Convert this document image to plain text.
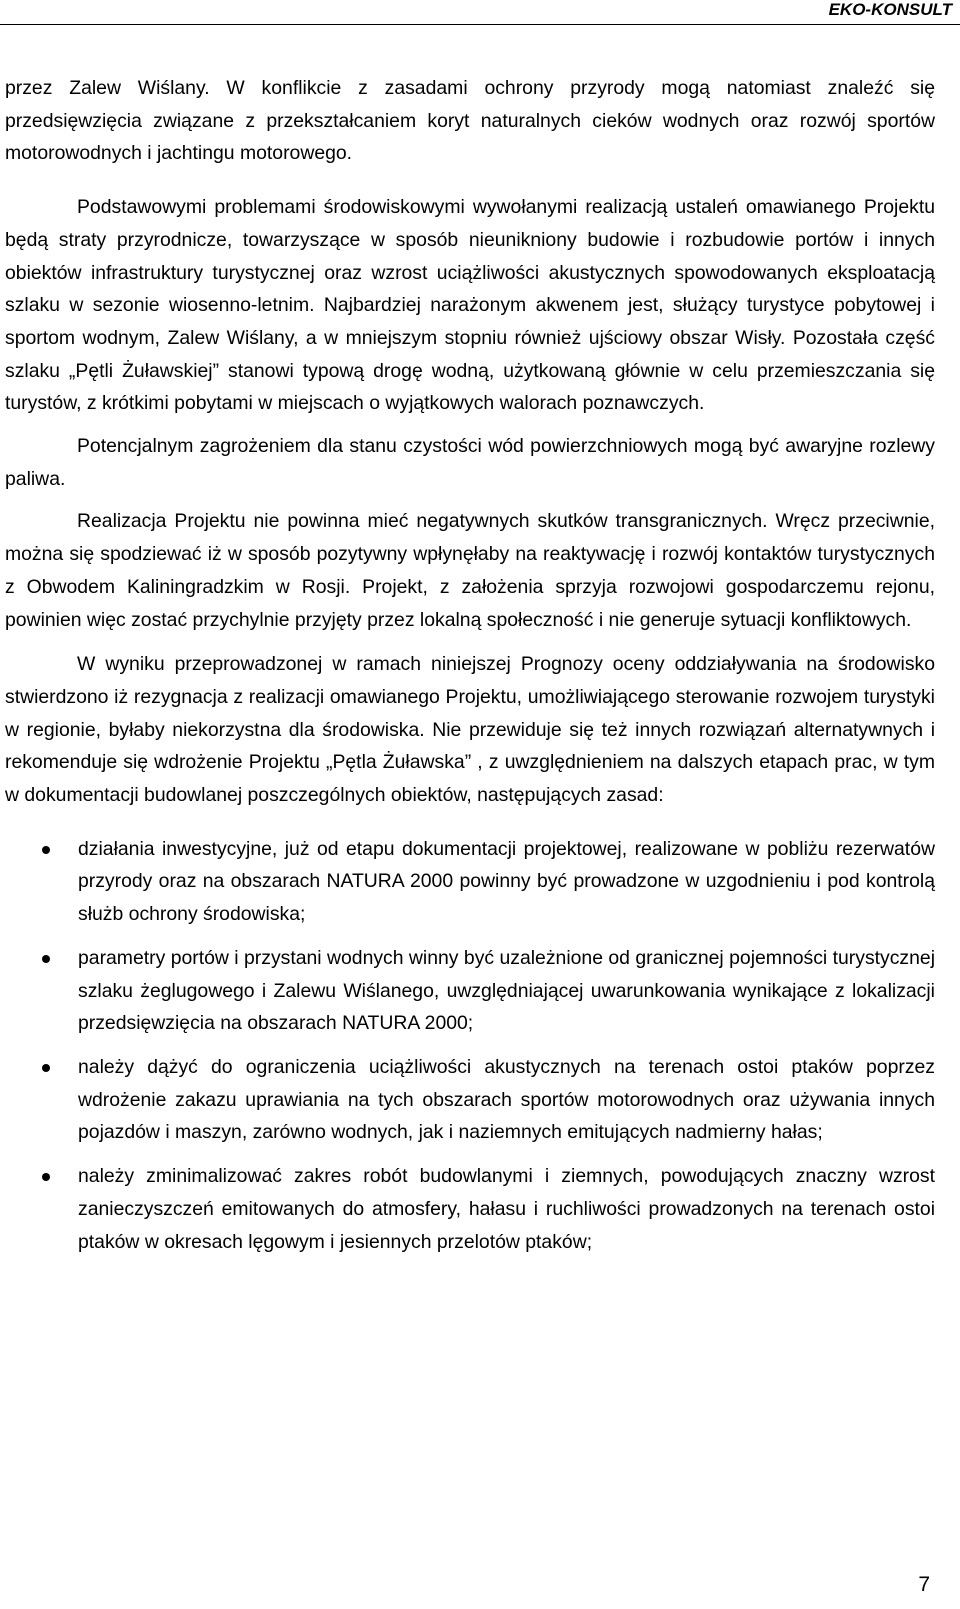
EKO-KONSULT

przez Zalew Wiślany. W konflikcie z zasadami ochrony przyrody mogą natomiast znaleźć się przedsięwzięcia związane z przekształcaniem koryt naturalnych cieków wodnych oraz rozwój sportów motorowodnych i jachtingu motorowego.

Podstawowymi problemami środowiskowymi wywołanymi realizacją ustaleń omawianego Projektu będą straty przyrodnicze, towarzyszące w sposób nieunikniony budowie i rozbudowie portów i innych obiektów infrastruktury turystycznej oraz wzrost uciążliwości akustycznych spowodowanych eksploatacją szlaku w sezonie wiosenno-letnim. Najbardziej narażonym akwenem jest, służący turystyce pobytowej i sportom wodnym, Zalew Wiślany, a w mniejszym stopniu również ujściowy obszar Wisły. Pozostała część szlaku „Pętli Żuławskiej” stanowi typową drogę wodną, użytkowaną głównie w celu przemieszczania się turystów, z krótkimi pobytami w miejscach o wyjątkowych walorach poznawczych.

Potencjalnym zagrożeniem dla stanu czystości wód powierzchniowych mogą być awaryjne rozlewy paliwa.

Realizacja Projektu nie powinna mieć negatywnych skutków transgranicznych. Wręcz przeciwnie, można się spodziewać iż w sposób pozytywny wpłynęłaby na reaktywację i rozwój kontaktów turystycznych z Obwodem Kaliningradzkim w Rosji. Projekt, z założenia sprzyja rozwojowi gospodarczemu rejonu, powinien więc zostać przychylnie przyjęty przez lokalną społeczność i nie generuje sytuacji konfliktowych.

W wyniku przeprowadzonej w ramach niniejszej Prognozy oceny oddziaływania na środowisko stwierdzono iż rezygnacja z realizacji omawianego Projektu, umożliwiającego sterowanie rozwojem turystyki w regionie, byłaby niekorzystna dla środowiska. Nie przewiduje się też innych rozwiązań alternatywnych i rekomenduje się wdrożenie Projektu „Pętla Żuławska” , z uwzględnieniem na dalszych etapach prac, w tym w dokumentacji budowlanej poszczególnych obiektów, następujących zasad:

działania inwestycyjne, już od etapu dokumentacji projektowej, realizowane w pobliżu rezerwatów przyrody oraz na obszarach NATURA 2000 powinny być prowadzone w uzgodnieniu i pod kontrolą służb ochrony środowiska;
parametry portów i przystani wodnych winny być uzależnione od granicznej pojemności turystycznej szlaku żeglugowego i Zalewu Wiślanego, uwzględniającej uwarunkowania wynikające z lokalizacji przedsięwzięcia na obszarach NATURA 2000;
należy dążyć do ograniczenia uciążliwości akustycznych na terenach ostoi ptaków poprzez wdrożenie zakazu uprawiania na tych obszarach sportów motorowodnych oraz używania innych pojazdów i maszyn, zarówno wodnych, jak i naziemnych emitujących nadmierny hałas;
należy zminimalizować zakres robót budowlanymi i ziemnych, powodujących znaczny wzrost zanieczyszczeń emitowanych do atmosfery, hałasu i ruchliwości prowadzonych na terenach ostoi ptaków w okresach lęgowym i jesiennych przelotów ptaków;
7
